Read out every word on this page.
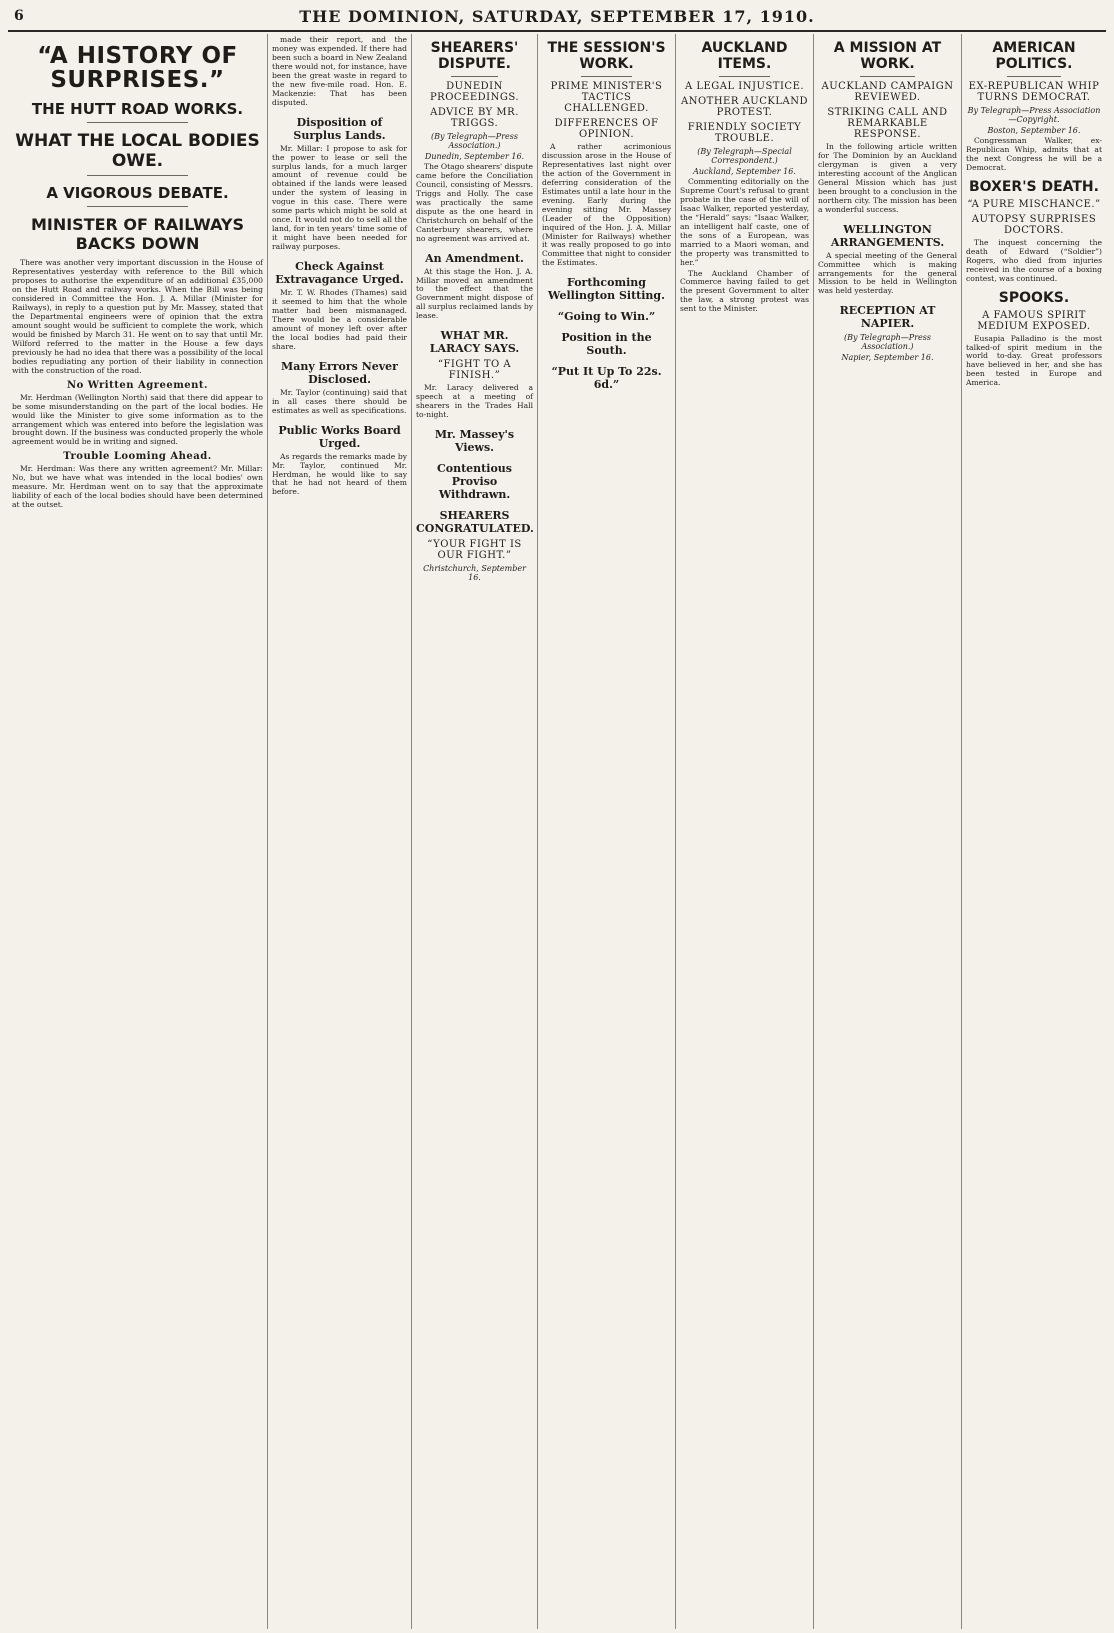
6	THE DOMINION, SATURDAY, SEPTEMBER 17, 1910.
“A HISTORY OF SURPRISES.”
THE HUTT ROAD WORKS.
WHAT THE LOCAL BODIES OWE.
A VIGOROUS DEBATE.
MINISTER OF RAILWAYS BACKS DOWN

There was another very important discussion in the House of Representatives yesterday with reference to the Bill which proposes to authorise the expenditure of an additional £35,000 on the Hutt Road and railway works. When the Bill was being considered in Committee the Hon. J. A. Millar (Minister for Railways), in reply to a question put by Mr. Massey, stated that the Departmental engineers were of opinion that the extra amount sought would be sufficient to complete the work, which would be finished by March 31. He went on to say that until Mr. Wilford referred to the matter in the House a few days previously he had no idea that there was a possibility of the local bodies repudiating any portion of their liability in connection with the construction of the road.

No Written Agreement.

Mr. Herdman (Wellington North) said that there did appear to be some misunderstanding on the part of the local bodies. He would like the Minister to give some information as to the arrangement which was entered into before the legislation was brought down. If the business was conducted properly the whole agreement would be in writing and signed.

Trouble Looming Ahead.

Mr. Herdman: Was there any written agreement? Mr. Millar: No, but we have what was intended in the local bodies' own measure. Mr. Herdman went on to say that the approximate liability of each of the local bodies should have been determined at the outset.

made their report, and the money was expended. If there had been such a board in New Zealand there would not, for instance, have been the great waste in regard to the new five-mile road. Hon. E. Mackenzie: That has been disputed.

Disposition of Surplus Lands.

Mr. Millar: I propose to ask for the power to lease or sell the surplus lands, for a much larger amount of revenue could be obtained if the lands were leased under the system of leasing in vogue in this case. There were some parts which might be sold at once. It would not do to sell all the land, for in ten years' time some of it might have been needed for railway purposes.

Check Against Extravagance Urged.

Mr. T. W. Rhodes (Thames) said it seemed to him that the whole matter had been mismanaged. There would be a considerable amount of money left over after the local bodies had paid their share.

Many Errors Never Disclosed.

Mr. Taylor (continuing) said that in all cases there should be estimates as well as specifications.

Public Works Board Urged.

As regards the remarks made by Mr. Taylor, continued Mr. Herdman, he would like to say that he had not heard of them before.

SHEARERS' DISPUTE.
DUNEDIN PROCEEDINGS.
ADVICE BY MR. TRIGGS.
(By Telegraph—Press Association.)
Dunedin, September 16.

The Otago shearers' dispute came before the Conciliation Council, consisting of Messrs. Triggs and Holly. The case was practically the same dispute as the one heard in Christchurch on behalf of the Canterbury shearers, where no agreement was arrived at.

An Amendment.

At this stage the Hon. J. A. Millar moved an amendment to the effect that the Government might dispose of all surplus reclaimed lands by lease.

WHAT MR. LARACY SAYS.
“FIGHT TO A FINISH.”

Mr. Laracy delivered a speech at a meeting of shearers in the Trades Hall to-night.

Mr. Massey's Views.
Contentious Proviso Withdrawn.
SHEARERS CONGRATULATED.
“YOUR FIGHT IS OUR FIGHT.”
Christchurch, September 16.
THE SESSION'S WORK.
PRIME MINISTER'S TACTICS CHALLENGED.
DIFFERENCES OF OPINION.

A rather acrimonious discussion arose in the House of Representatives last night over the action of the Government in deferring consideration of the Estimates until a late hour in the evening. Early during the evening sitting Mr. Massey (Leader of the Opposition) inquired of the Hon. J. A. Millar (Minister for Railways) whether it was really proposed to go into Committee that night to consider the Estimates.

Forthcoming Wellington Sitting.
“Going to Win.”
Position in the South.
“Put It Up To 22s. 6d.”
AUCKLAND ITEMS.
A LEGAL INJUSTICE.
ANOTHER AUCKLAND PROTEST.
FRIENDLY SOCIETY TROUBLE.
(By Telegraph—Special Correspondent.)
Auckland, September 16.

Commenting editorially on the Supreme Court's refusal to grant probate in the case of the will of Isaac Walker, reported yesterday, the “Herald” says: “Isaac Walker, an intelligent half caste, one of the sons of a European, was married to a Maori woman, and the property was transmitted to her.”

The Auckland Chamber of Commerce having failed to get the present Government to alter the law, a strong protest was sent to the Minister.

A MISSION AT WORK.
AUCKLAND CAMPAIGN REVIEWED.
STRIKING CALL AND REMARKABLE RESPONSE.

In the following article written for The Dominion by an Auckland clergyman is given a very interesting account of the Anglican General Mission which has just been brought to a conclusion in the northern city. The mission has been a wonderful success.

WELLINGTON ARRANGEMENTS.

A special meeting of the General Committee which is making arrangements for the general Mission to be held in Wellington was held yesterday.

RECEPTION AT NAPIER.
(By Telegraph—Press Association.)
Napier, September 16.
AMERICAN POLITICS.
EX-REPUBLICAN WHIP TURNS DEMOCRAT.
By Telegraph—Press Association—Copyright.
Boston, September 16.

Congressman Walker, ex-Republican Whip, admits that at the next Congress he will be a Democrat.

BOXER'S DEATH.
“A PURE MISCHANCE.”
AUTOPSY SURPRISES DOCTORS.

The inquest concerning the death of Edward (“Soldier”) Rogers, who died from injuries received in the course of a boxing contest, was continued.

SPOOKS.
A FAMOUS SPIRIT MEDIUM EXPOSED.

Eusapia Palladino is the most talked-of spirit medium in the world to-day. Great professors have believed in her, and she has been tested in Europe and America.
